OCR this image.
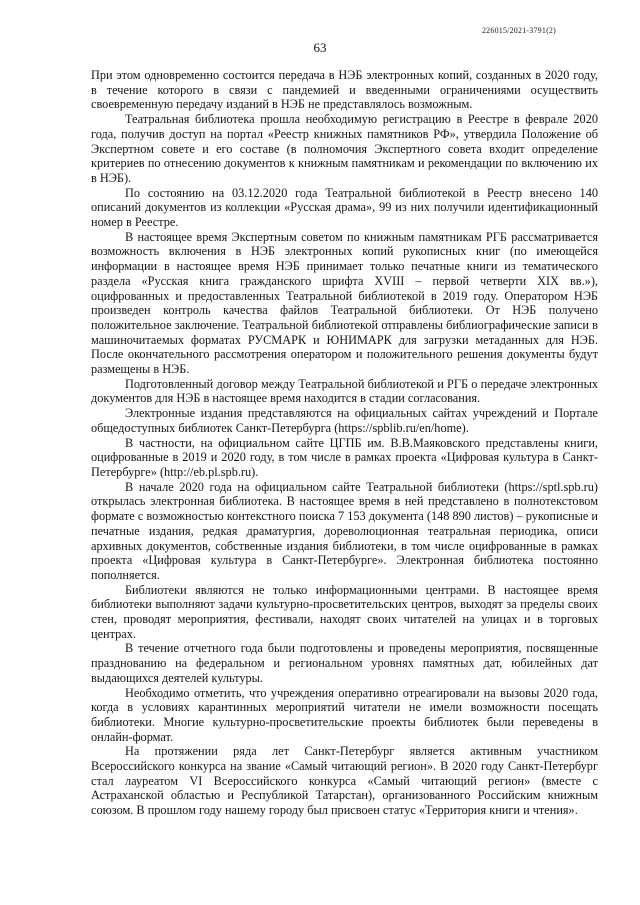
226015/2021-3791(2)
63

При этом одновременно состоится передача в НЭБ электронных копий, созданных в 2020 году, в течение которого в связи с пандемией и введенными ограничениями осуществить своевременную передачу изданий в НЭБ не представлялось возможным.

Театральная библиотека прошла необходимую регистрацию в Реестре в феврале 2020 года, получив доступ на портал «Реестр книжных памятников РФ», утвердила Положение об Экспертном совете и его составе (в полномочия Экспертного совета входит определение критериев по отнесению документов к книжным памятникам и рекомендации по включению их в НЭБ).

По состоянию на 03.12.2020 года Театральной библиотекой в Реестр внесено 140 описаний документов из коллекции «Русская драма», 99 из них получили идентификационный номер в Реестре.

В настоящее время Экспертным советом по книжным памятникам РГБ рассматривается возможность включения в НЭБ электронных копий рукописных книг (по имеющейся информации в настоящее время НЭБ принимает только печатные книги из тематического раздела «Русская книга гражданского шрифта XVIII – первой четверти XIX вв.»), оцифрованных и предоставленных Театральной библиотекой в 2019 году. Оператором НЭБ произведен контроль качества файлов Театральной библиотеки. От НЭБ получено положительное заключение. Театральной библиотекой отправлены библиографические записи в машиночитаемых форматах РУСМАРК и ЮНИМАРК для загрузки метаданных для НЭБ. После окончательного рассмотрения оператором и положительного решения документы будут размещены в НЭБ.

Подготовленный договор между Театральной библиотекой и РГБ о передаче электронных документов для НЭБ в настоящее время находится в стадии согласования.

Электронные издания представляются на официальных сайтах учреждений и Портале общедоступных библиотек Санкт-Петербурга (https://spblib.ru/en/home).

В частности, на официальном сайте ЦГПБ им. В.В.Маяковского представлены книги, оцифрованные в 2019 и 2020 году, в том числе в рамках проекта «Цифровая культура в Санкт-Петербурге» (http://eb.pl.spb.ru).

В начале 2020 года на официальном сайте Театральной библиотеки (https://sptl.spb.ru) открылась электронная библиотека. В настоящее время в ней представлено в полнотекстовом формате с возможностью контекстного поиска 7 153 документа (148 890 листов) – рукописные и печатные издания, редкая драматургия, дореволюционная театральная периодика, описи архивных документов, собственные издания библиотеки, в том числе оцифрованные в рамках проекта «Цифровая культура в Санкт-Петербурге». Электронная библиотека постоянно пополняется.

Библиотеки являются не только информационными центрами. В настоящее время библиотеки выполняют задачи культурно-просветительских центров, выходят за пределы своих стен, проводят мероприятия, фестивали, находят своих читателей на улицах и в торговых центрах.

В течение отчетного года были подготовлены и проведены мероприятия, посвященные празднованию на федеральном и региональном уровнях памятных дат, юбилейных дат выдающихся деятелей культуры.

Необходимо отметить, что учреждения оперативно отреагировали на вызовы 2020 года, когда в условиях карантинных мероприятий читатели не имели возможности посещать библиотеки. Многие культурно-просветительские проекты библиотек были переведены в онлайн-формат.

На протяжении ряда лет Санкт-Петербург является активным участником Всероссийского конкурса на звание «Самый читающий регион». В 2020 году Санкт-Петербург стал лауреатом VI Всероссийского конкурса «Самый читающий регион» (вместе с Астраханской областью и Республикой Татарстан), организованного Российским книжным союзом. В прошлом году нашему городу был присвоен статус «Территория книги и чтения».
